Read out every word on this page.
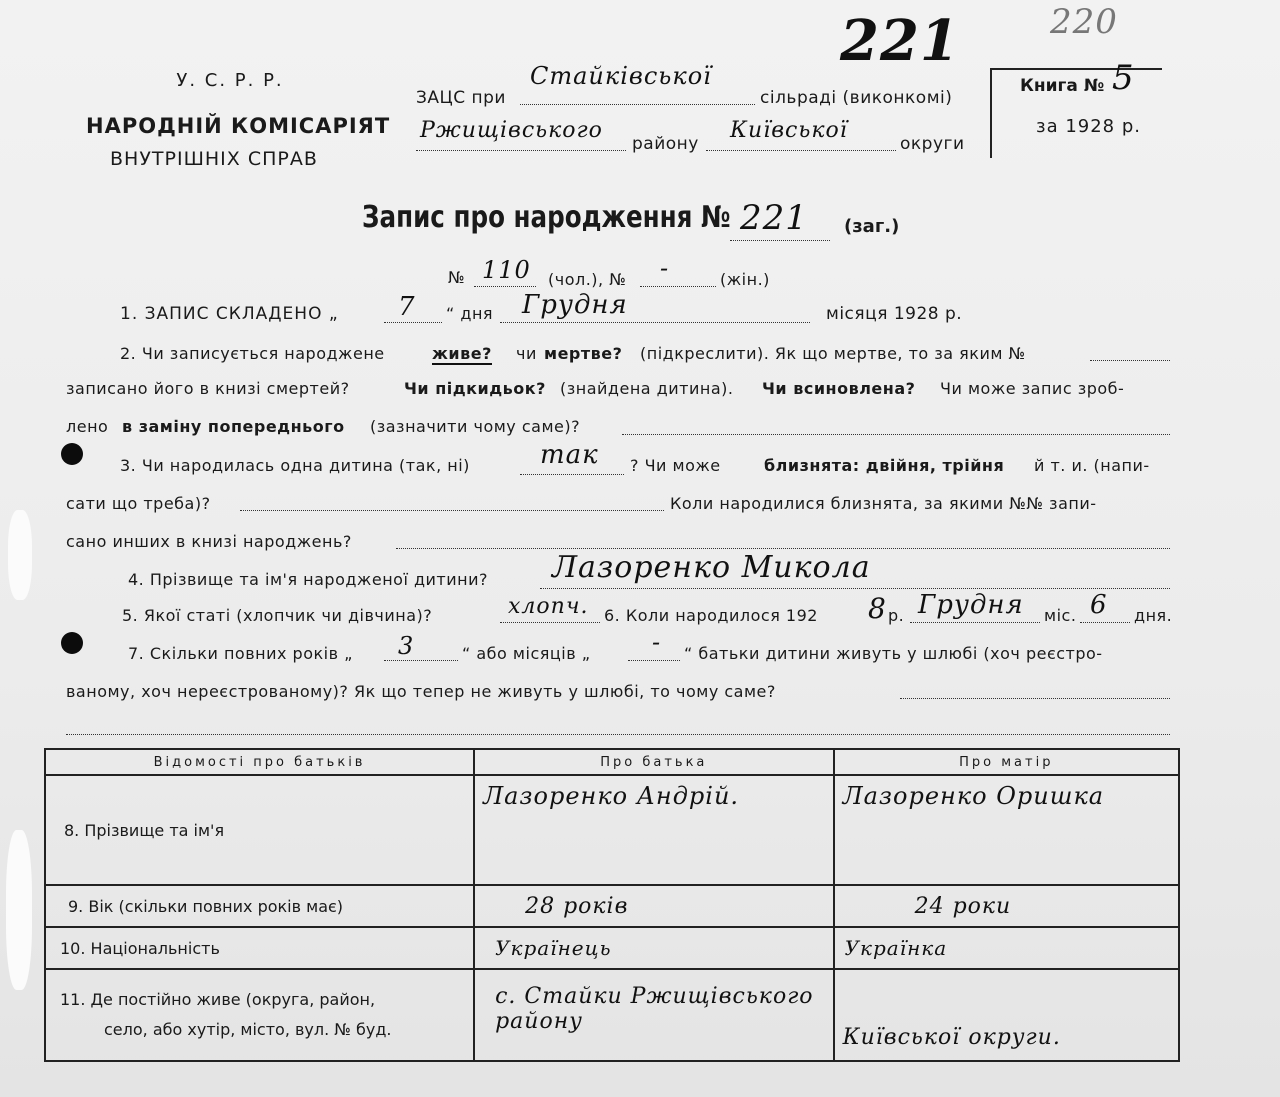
У. С. Р. Р.
НАРОДНІЙ КОМІСАРІЯТ
ВНУТРІШНІХ СПРАВ
ЗАЦС при
Стайківської
сільраді (виконкомі)
Ржищівського
району
Київської
округи
221	220
Книга № 5
за 1928 р.
Запис про народження № 221 (заг.)
№ 110 (чол.), № -	(жін.)
1. ЗАПИС СКЛАДЕНО „ 7 “ дня Грудня	місяця 1928 р.
2. Чи записується народжене	живе? чи мертве? (підкреслити). Як що мертве, то за яким №
записано його в книзі смертей?	Чи підкидьок? (знайдена дитина). Чи всиновлена? Чи може запис зроб-
лено в заміну попереднього (зазначити чому саме)?
3. Чи народилась одна дитина (так, ні)	так ? Чи може	близнята: двійня, трійня й т. и. (напи-
сати що треба)?	Коли народилися близнята, за якими №№ запи-
сано инших в книзі народжень?
4. Прізвище та ім'я народженої дитини? Лазоренко Микола
5. Якої статі (хлопчик чи дівчина)?	хлопч. 6. Коли народилося 192 8 р. Грудня міс. 6 дня.
7. Скільки повних років „ 3	“ або місяців „	- “ батьки дитини живуть у шлюбі (хоч реєстро-
ваному, хоч нереєстрованому)? Як що тепер не живуть у шлюбі, то чому саме?
Відомості про батьків	Про батька	Про матір
8. Прізвище та ім'я	Лазоренко Андрій.	Лазоренко Оришка
9. Вік (скільки повних років має)	28 років	24 роки
10. Національність	Українець	Українка

11. Де постійно живе (округа, район,
село, або хутір, місто, вул. № буд.	с. Стайки Ржищівського району	Київської округи.
